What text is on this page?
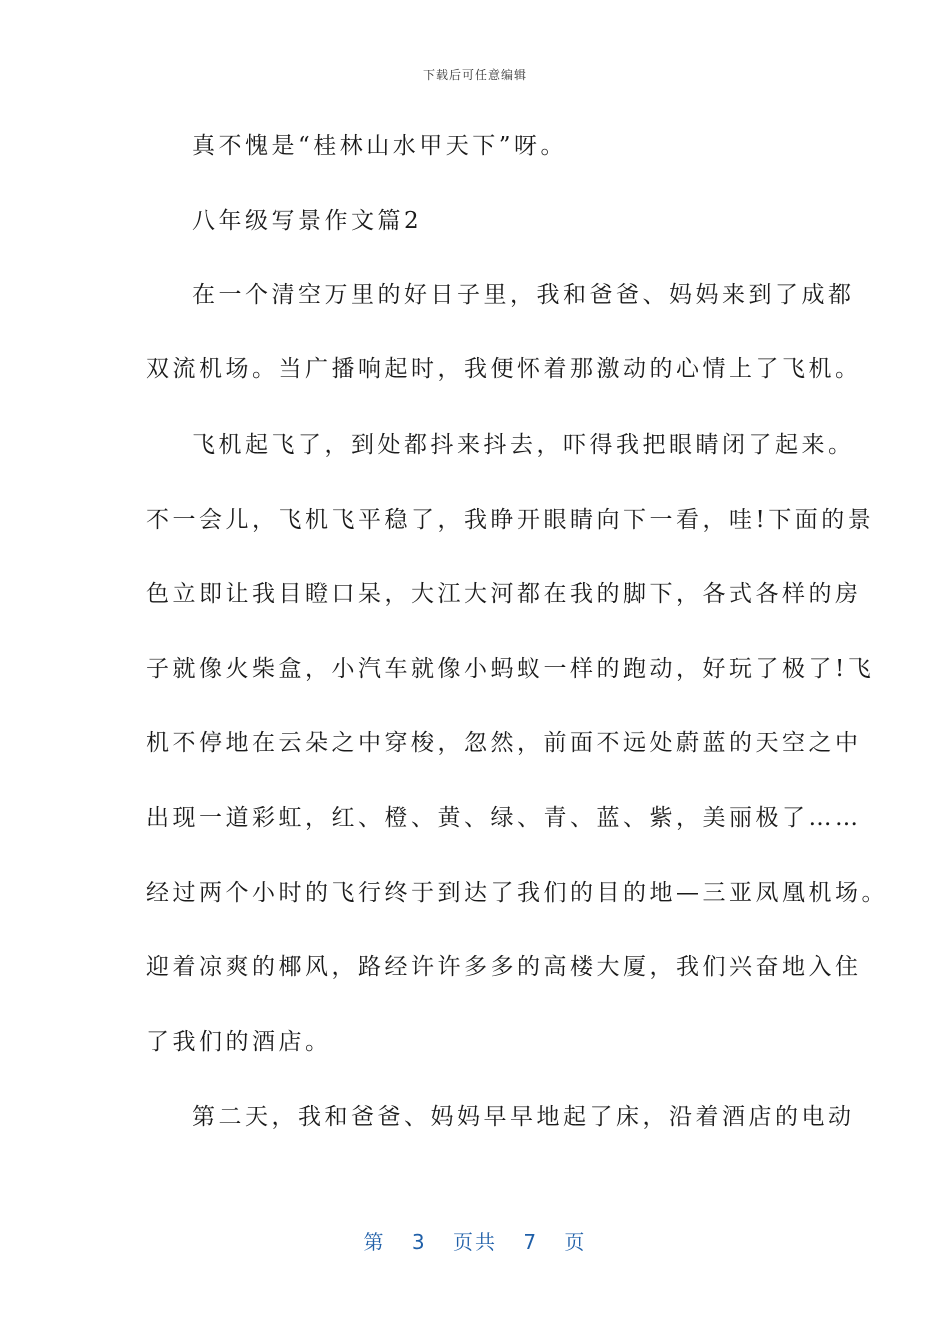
下载后可任意编辑
真不愧是“桂林山水甲天下”呀。
八年级写景作文篇2
在一个清空万里的好日子里，我和爸爸、妈妈来到了成都
双流机场。当广播响起时，我便怀着那激动的心情上了飞机。
飞机起飞了，到处都抖来抖去，吓得我把眼睛闭了起来。
不一会儿，飞机飞平稳了，我睁开眼睛向下一看，哇!下面的景
色立即让我目瞪口呆，大江大河都在我的脚下，各式各样的房
子就像火柴盒，小汽车就像小蚂蚁一样的跑动，好玩了极了!飞
机不停地在云朵之中穿梭，忽然，前面不远处蔚蓝的天空之中
出现一道彩虹，红、橙、黄、绿、青、蓝、紫，美丽极了……
经过两个小时的飞行终于到达了我们的目的地—三亚凤凰机场。
迎着凉爽的椰风，路经许许多多的高楼大厦，我们兴奋地入住
了我们的酒店。
第二天，我和爸爸、妈妈早早地起了床，沿着酒店的电动
第 3 页共 7 页
